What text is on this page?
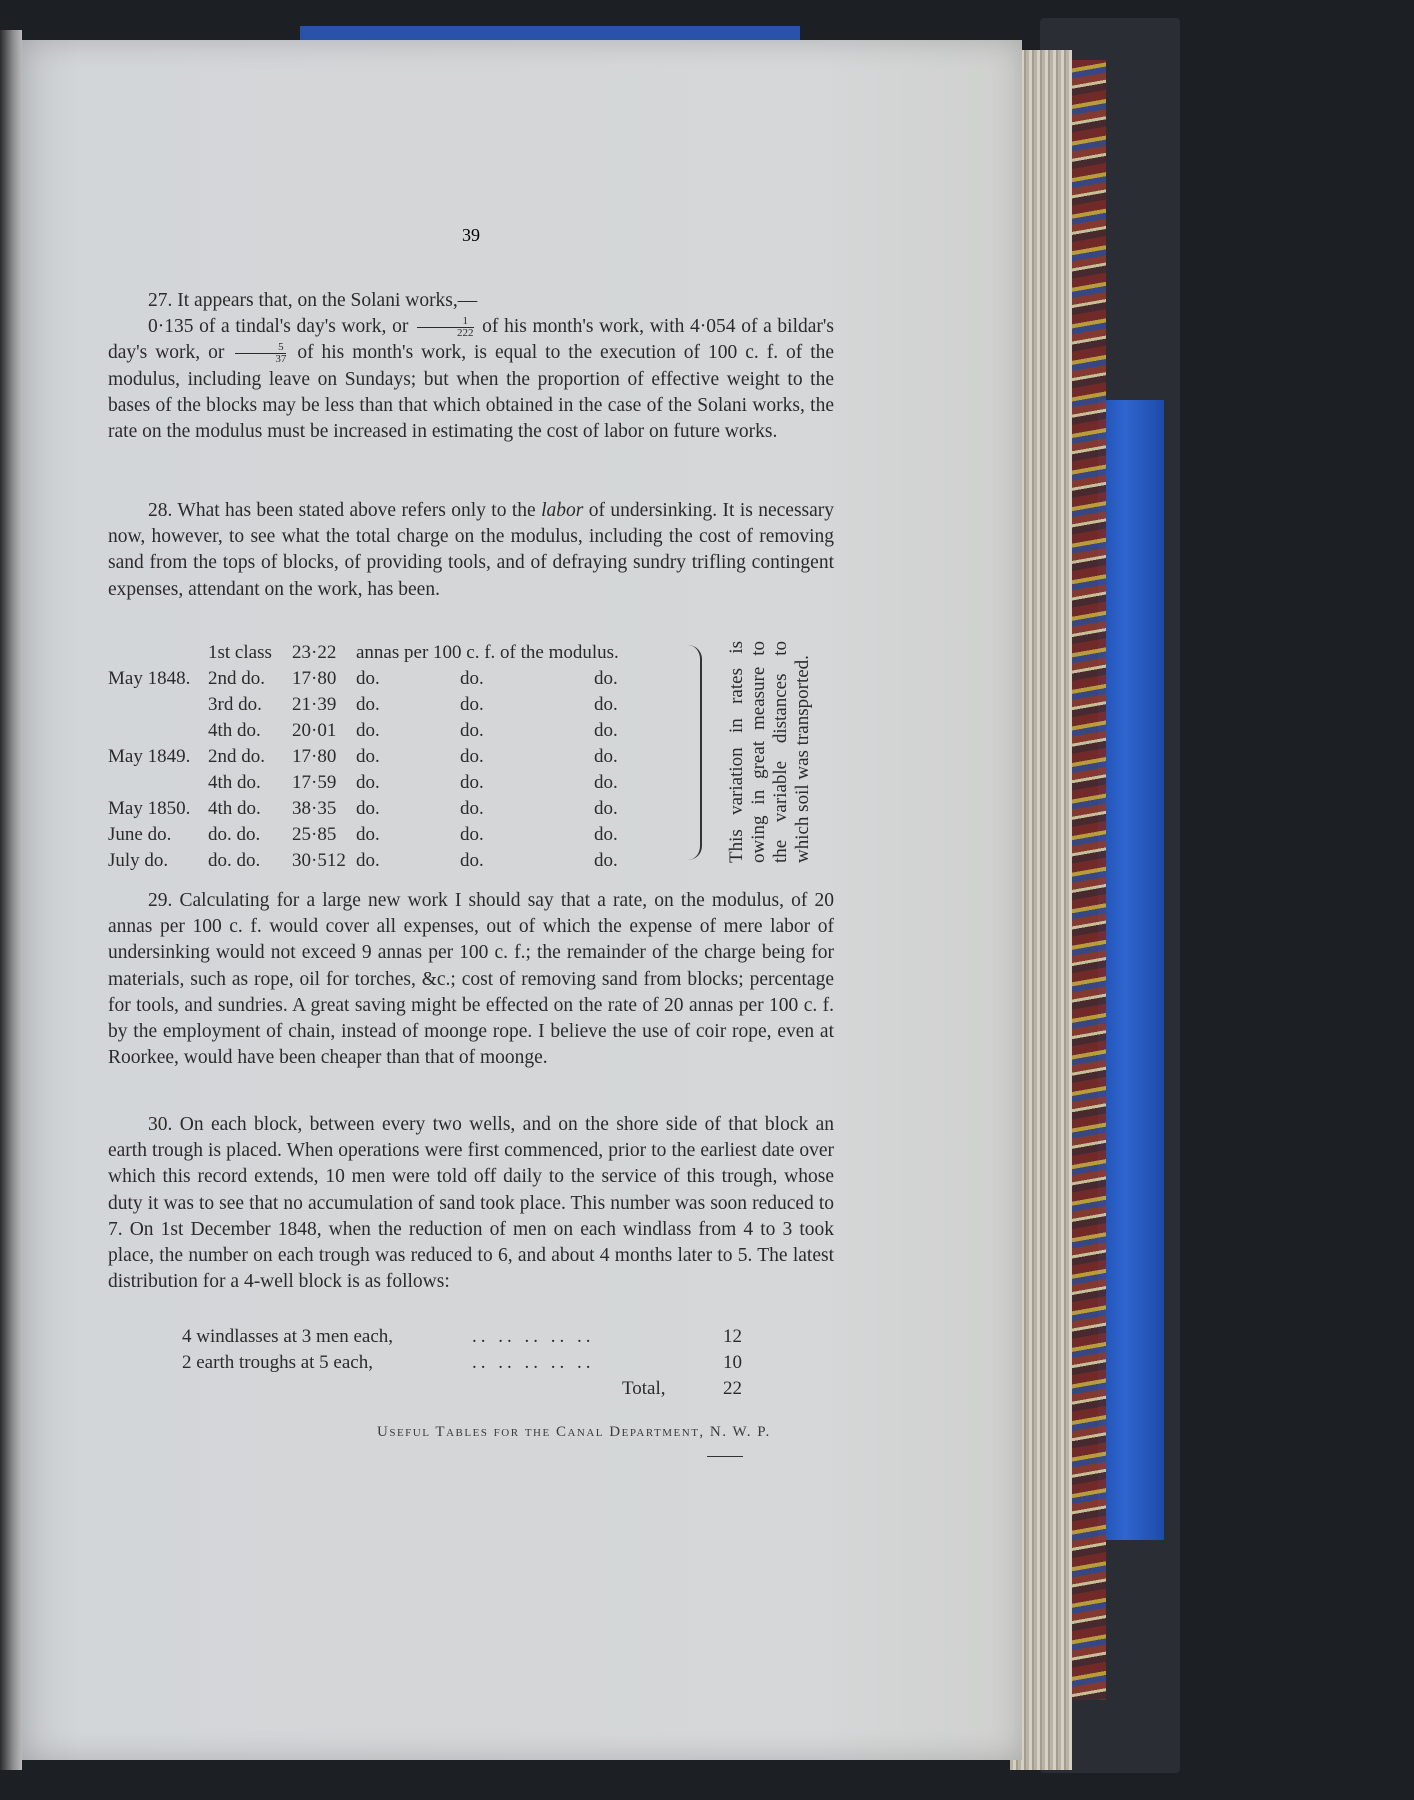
39

27. It appears that, on the Solani works,—

0·135 of a tindal's day's work, or $\frac{1}{222}$ of his month's work, with 4·054 of a bildar's day's work, or $\frac{5}{37}$ of his month's work, is equal to the execution of 100 c. f. of the modulus, including leave on Sundays; but when the proportion of effective weight to the bases of the blocks may be less than that which obtained in the case of the Solani works, the rate on the modulus must be increased in estimating the cost of labor on future works.

28. What has been stated above refers only to the labor of undersinking. It is necessary now, however, to see what the total charge on the modulus, including the cost of removing sand from the tops of blocks, of providing tools, and of defraying sundry trifling contingent expenses, attendant on the work, has been.

	1st class	23·22	annas per 100 c. f. of the modulus.		
May 1848.	2nd do.	17·80	do.	do.	do.
	3rd do.	21·39	do.	do.	do.
	4th do.	20·01	do.	do.	do.
May 1849.	2nd do.	17·80	do.	do.	do.
	4th do.	17·59	do.	do.	do.
May 1850.	4th do.	38·35	do.	do.	do.
June do.	do. do.	25·85	do.	do.	do.
July do.	do. do.	30·512	do.	do.	do.	This variation in rates is owing in great measure to the variable distances to which soil was transported.

29. Calculating for a large new work I should say that a rate, on the modulus, of 20 annas per 100 c. f. would cover all expenses, out of which the expense of mere labor of undersinking would not exceed 9 annas per 100 c. f.; the remainder of the charge being for materials, such as rope, oil for torches, &c.; cost of removing sand from blocks; percentage for tools, and sundries. A great saving might be effected on the rate of 20 annas per 100 c. f. by the employment of chain, instead of moonge rope. I believe the use of coir rope, even at Roorkee, would have been cheaper than that of moonge.

30. On each block, between every two wells, and on the shore side of that block an earth trough is placed. When operations were first commenced, prior to the earliest date over which this record extends, 10 men were told off daily to the service of this trough, whose duty it was to see that no accumulation of sand took place. This number was soon reduced to 7. On 1st December 1848, when the reduction of men on each windlass from 4 to 3 took place, the number on each trough was reduced to 6, and about 4 months later to 5. The latest distribution for a 4-well block is as follows:

4 windlasses at 3 men each,	.. .. .. .. ..	12
2 earth troughs at 5 each,	.. .. .. .. ..	10
Total,	22
Useful Tables for the Canal Department, N. W. P.
